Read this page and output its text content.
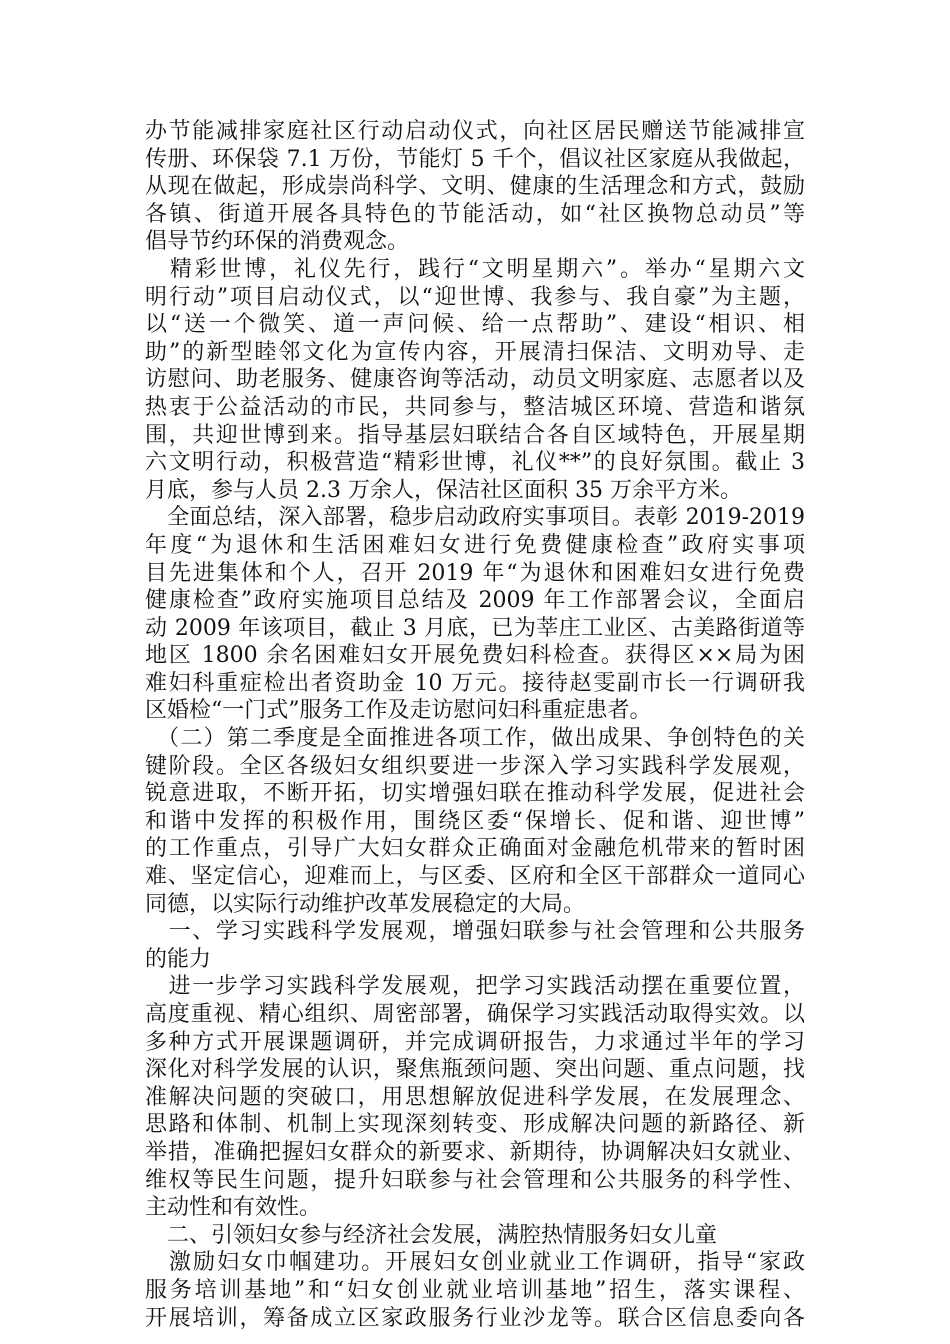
办节能减排家庭社区行动启动仪式，向社区居民赠送节能减排宣
传册、环保袋 7.1 万份，节能灯 5 千个，倡议社区家庭从我做起，
从现在做起，形成崇尚科学、文明、健康的生活理念和方式，鼓励
各镇、街道开展各具特色的节能活动，如“社区换物总动员”等
倡导节约环保的消费观念。
　精彩世博，礼仪先行，践行“文明星期六”。举办“星期六文
明行动”项目启动仪式，以“迎世博、我参与、我自豪”为主题，
以“送一个微笑、道一声问候、给一点帮助”、建设“相识、相
助”的新型睦邻文化为宣传内容，开展清扫保洁、文明劝导、走
访慰问、助老服务、健康咨询等活动，动员文明家庭、志愿者以及
热衷于公益活动的市民，共同参与，整洁城区环境、营造和谐氛
围，共迎世博到来。指导基层妇联结合各自区域特色，开展星期
六文明行动，积极营造“精彩世博，礼仪**”的良好氛围。截止 3
月底，参与人员 2.3 万余人，保洁社区面积 35 万余平方米。
　全面总结，深入部署，稳步启动政府实事项目。表彰 2019-2019
年度“为退休和生活困难妇女进行免费健康检查”政府实事项
目先进集体和个人，召开 2019 年“为退休和困难妇女进行免费
健康检查”政府实施项目总结及 2009 年工作部署会议，全面启
动 2009 年该项目，截止 3 月底，已为莘庄工业区、古美路街道等
地区 1800 余名困难妇女开展免费妇科检查。获得区××局为困
难妇科重症检出者资助金 10 万元。接待赵雯副市长一行调研我
区婚检“一门式”服务工作及走访慰问妇科重症患者。
　（二）第二季度是全面推进各项工作，做出成果、争创特色的关
键阶段。全区各级妇女组织要进一步深入学习实践科学发展观，
锐意进取，不断开拓，切实增强妇联在推动科学发展，促进社会
和谐中发挥的积极作用，围绕区委“保增长、促和谐、迎世博”
的工作重点，引导广大妇女群众正确面对金融危机带来的暂时困
难、坚定信心，迎难而上，与区委、区府和全区干部群众一道同心
同德，以实际行动维护改革发展稳定的大局。
　一、学习实践科学发展观，增强妇联参与社会管理和公共服务
的能力
　进一步学习实践科学发展观，把学习实践活动摆在重要位置，
高度重视、精心组织、周密部署，确保学习实践活动取得实效。以
多种方式开展课题调研，并完成调研报告，力求通过半年的学习
深化对科学发展的认识，聚焦瓶颈问题、突出问题、重点问题，找
准解决问题的突破口，用思想解放促进科学发展，在发展理念、
思路和体制、机制上实现深刻转变、形成解决问题的新路径、新
举措，准确把握妇女群众的新要求、新期待，协调解决妇女就业、
维权等民生问题，提升妇联参与社会管理和公共服务的科学性、
主动性和有效性。
　二、引领妇女参与经济社会发展，满腔热情服务妇女儿童
　激励妇女巾帼建功。开展妇女创业就业工作调研，指导“家政
服务培训基地”和“妇女创业就业培训基地”招生，落实课程、
开展培训，筹备成立区家政服务行业沙龙等。联合区信息委向各
